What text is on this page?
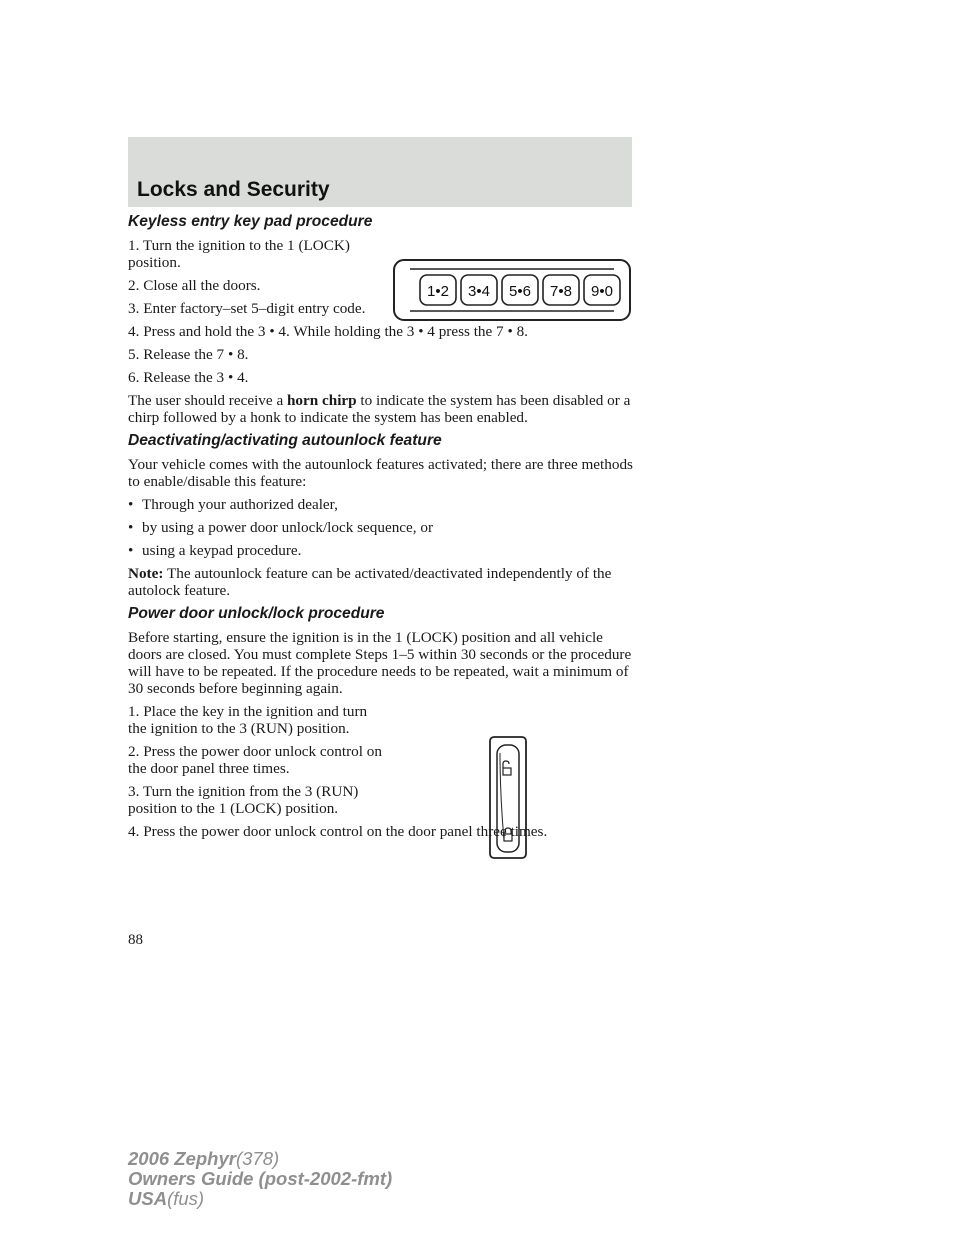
Locks and Security
1•2 3•4 5•6 7•8 9•0
Keyless entry key pad procedure

1. Turn the ignition to the 1 (LOCK) position.

2. Close all the doors.

3. Enter factory–set 5–digit entry code.

4. Press and hold the 3 • 4. While holding the 3 • 4 press the 7 • 8.

5. Release the 7 • 8.

6. Release the 3 • 4.

The user should receive a horn chirp to indicate the system has been disabled or a chirp followed by a honk to indicate the system has been enabled.

Deactivating/activating autounlock feature

Your vehicle comes with the autounlock features activated; there are three methods to enable/disable this feature:

• Through your authorized dealer,

• by using a power door unlock/lock sequence, or

• using a keypad procedure.

Note: The autounlock feature can be activated/deactivated independently of the autolock feature.

Power door unlock/lock procedure

Before starting, ensure the ignition is in the 1 (LOCK) position and all vehicle doors are closed. You must complete Steps 1–5 within 30 seconds or the procedure will have to be repeated. If the procedure needs to be repeated, wait a minimum of 30 seconds before beginning again.

1. Place the key in the ignition and turn the ignition to the 3 (RUN) position.

2. Press the power door unlock control on the door panel three times.

3. Turn the ignition from the 3 (RUN) position to the 1 (LOCK) position.

4. Press the power door unlock control on the door panel three times.

88
2006 Zephyr(378)
Owners Guide (post-2002-fmt)
USA(fus)
